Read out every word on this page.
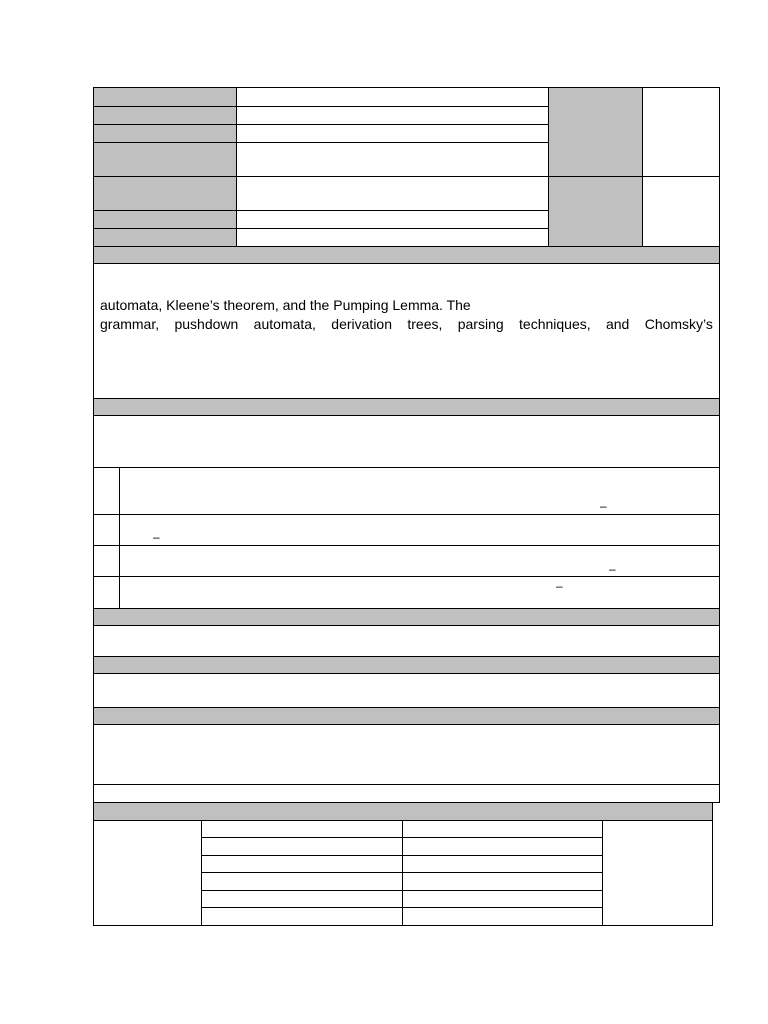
automata, Kleene’s theorem, and the Pumping Lemma. The
grammar, pushdown automata, derivation trees, parsing techniques, and Chomsky’s
–
–
–
–
